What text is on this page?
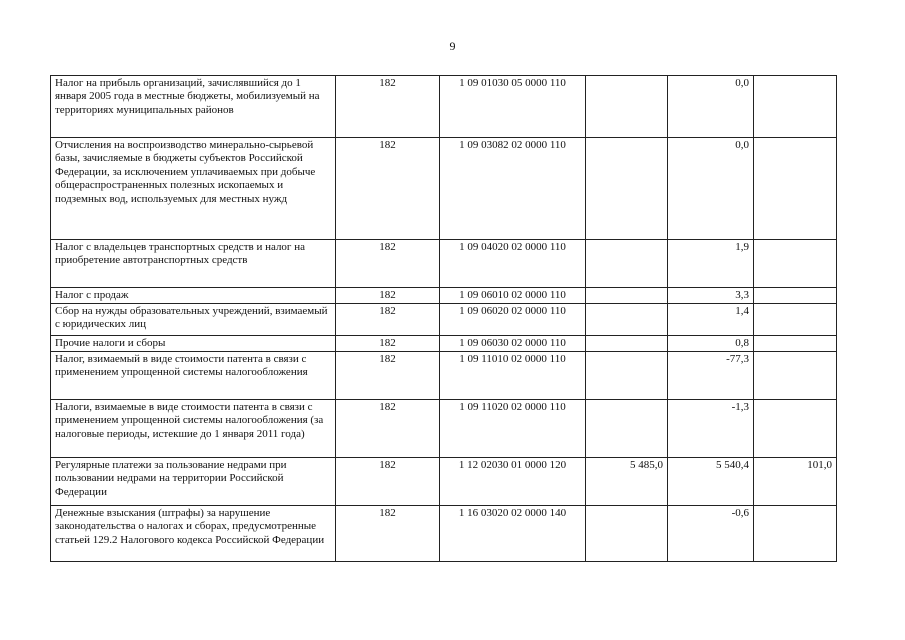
9
Налог на прибыль организаций, зачислявшийся до 1 января 2005 года в местные бюджеты, мобилизуемый на территориях муниципальных районов	182	1 09 01030 05 0000 110		0,0	
Отчисления на воспроизводство минерально-сырьевой базы, зачисляемые в бюджеты субъектов Российской Федерации, за исключением уплачиваемых при добыче общераспространенных полезных ископаемых и подземных вод, используемых для местных нужд	182	1 09 03082 02 0000 110		0,0	
Налог с владельцев транспортных средств и налог на приобретение автотранспортных средств	182	1 09 04020 02 0000 110		1,9	
Налог с продаж	182	1 09 06010 02 0000 110		3,3	
Сбор на нужды образовательных учреждений, взимаемый с юридических лиц	182	1 09 06020 02 0000 110		1,4	
Прочие налоги и сборы	182	1 09 06030 02 0000 110		0,8	
Налог, взимаемый в виде стоимости патента в связи с применением упрощенной системы налогообложения	182	1 09 11010 02 0000 110		-77,3	
Налоги, взимаемые в виде стоимости патента в связи с применением упрощенной системы налогообложения (за налоговые периоды, истекшие до 1 января 2011 года)	182	1 09 11020 02 0000 110		-1,3	
Регулярные платежи за пользование недрами при пользовании недрами на территории Российской Федерации	182	1 12 02030 01 0000 120	5 485,0	5 540,4	101,0
Денежные взыскания (штрафы) за нарушение законодательства о налогах и сборах, предусмотренные статьей 129.2 Налогового кодекса Российской Федерации	182	1 16 03020 02 0000 140		-0,6	
